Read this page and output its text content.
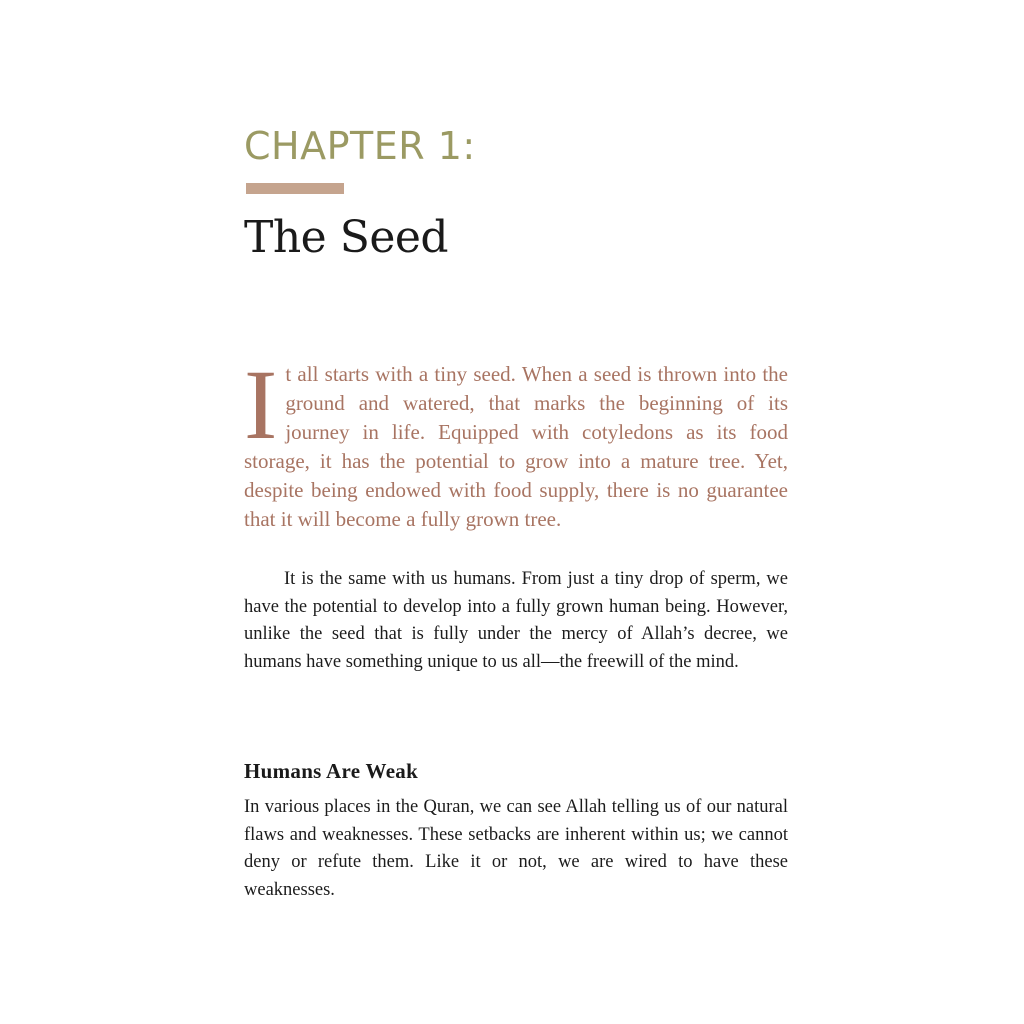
CHAPTER 1:
The Seed
It all starts with a tiny seed. When a seed is thrown into the ground and watered, that marks the beginning of its journey in life. Equipped with cotyledons as its food storage, it has the potential to grow into a mature tree. Yet, despite being endowed with food supply, there is no guarantee that it will become a fully grown tree.
It is the same with us humans. From just a tiny drop of sperm, we have the potential to develop into a fully grown human being. However, unlike the seed that is fully under the mercy of Allah’s decree, we humans have something unique to us all—the freewill of the mind.
Humans Are Weak
In various places in the Quran, we can see Allah telling us of our natural flaws and weaknesses. These setbacks are inherent within us; we cannot deny or refute them. Like it or not, we are wired to have these weaknesses.
